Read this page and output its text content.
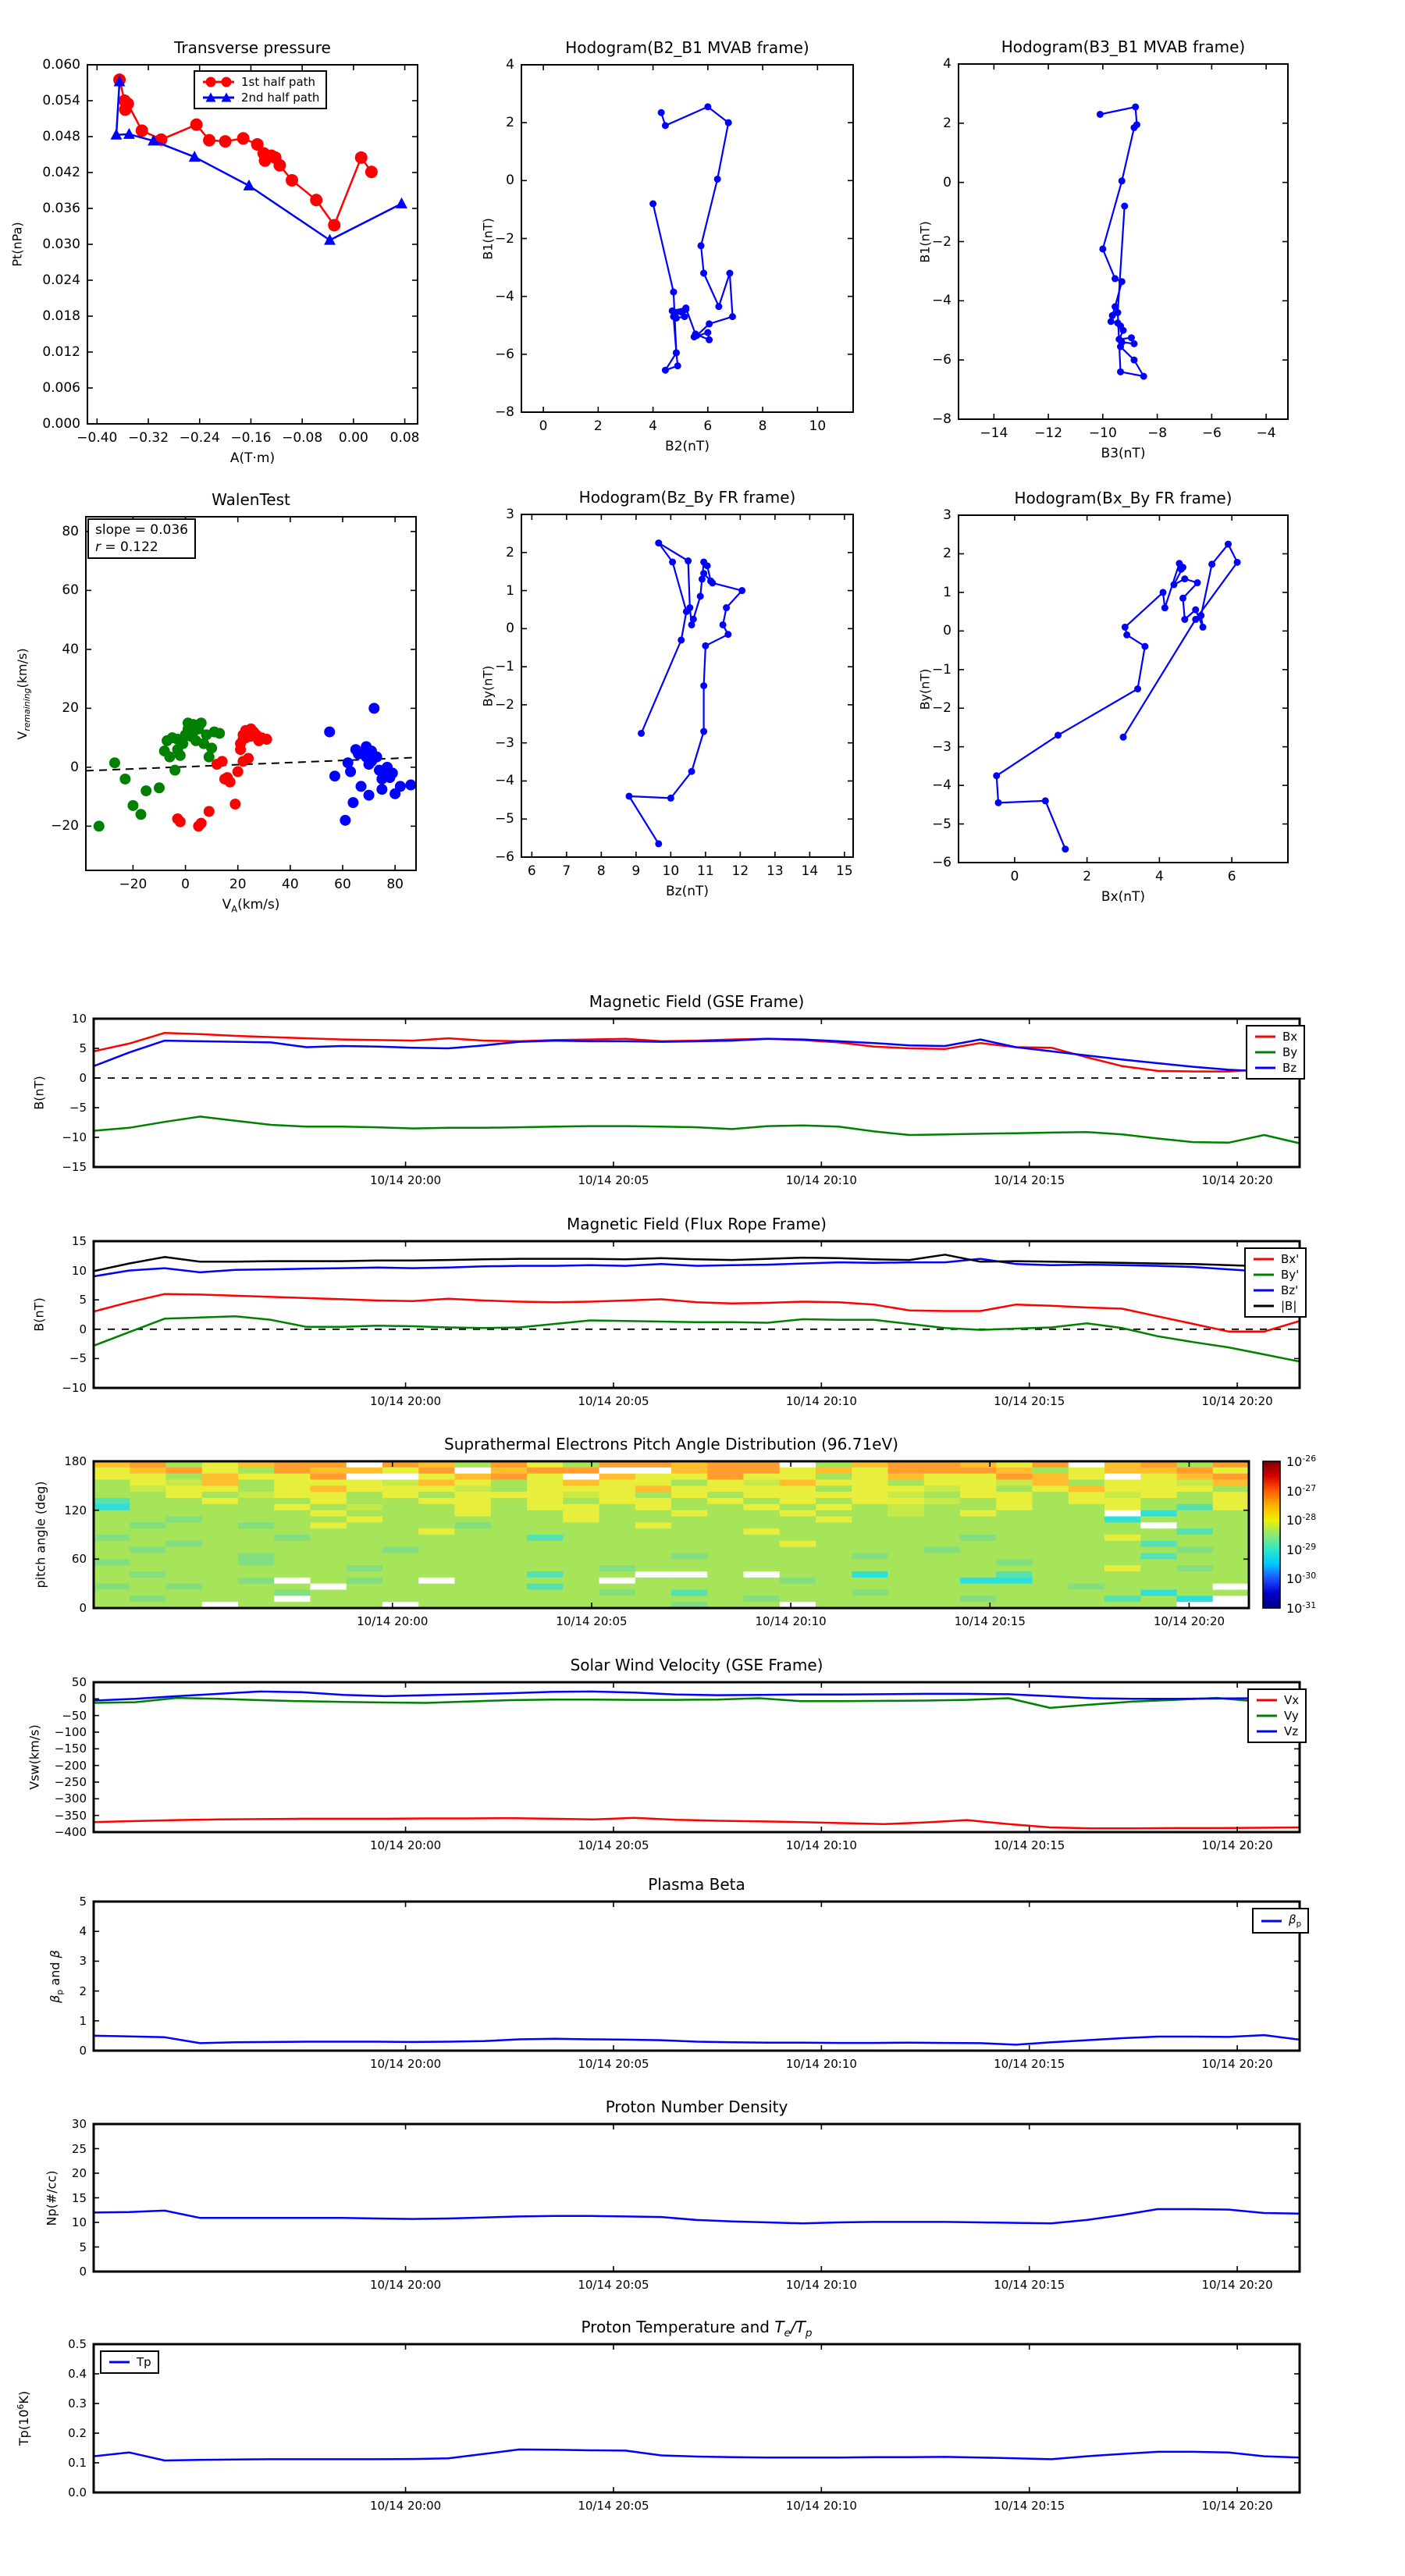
Transverse pressure
Pt(nPa)
A(T·m)
Hodogram(B2_B1 MVAB frame)
B1(nT)
B2(nT)
Hodogram(B3_B1 MVAB frame)
B1(nT)
B3(nT)
WalenTest
$V_{remaining}(km/s)$
$V_A(km/s)$
Hodogram(Bz_By FR frame)
By(nT)
Bz(nT)
Hodogram(Bx_By FR frame)
By(nT)
Bx(nT)
Magnetic Field (GSE Frame)
B(nT)
Magnetic Field (Flux Rope Frame)
B(nT)
Suprathermal Electrons Pitch Angle Distribution (96.71eV)
pitch angle (deg)
Solar Wind Velocity (GSE Frame)
Vsw(km/s)
Plasma Beta
$\beta_p$ and β
Proton Number Density
Np(#/cc)
Proton Temperature and $T_e/T_p$
$Tp(10^6K)$
−0.40 −0.32 −0.24 −0.16 −0.08 0.00 0.08
0.000
0.006
0.012
0.018
0.024
0.030
0.036
0.042
0.048
0.054
0.060
1st half path
2nd half path
0	2	4	6	8	10
−8
−6
−4
−2
0
2
4
−14 −12 −10 −8	−6	−4
−8
−6
−4
−2
0
2
4
−20	0	20	40	60	80
−20
0
20
40
60
80	slope = 0.036
r = 0.122
6 7 8 9 10 11 12 13 14 15
−6
−5
−4
−3
−2
−1
0
1
2
3
0	2	4	6
−6
−5
−4
−3
−2
−1
0
1
2
3
10/14 20:00	10/14 20:05	10/14 20:10	10/14 20:15	10/14 20:20
−15
−10
−5
0
5
10
Bx
By
Bz
10/14 20:00	10/14 20:05	10/14 20:10	10/14 20:15	10/14 20:20
−10
−5
0
5
10
15
Bx'
By'
Bz'
|B|
10/14 20:00	10/14 20:05	10/14 20:10	10/14 20:15	10/14 20:20
0
60
120
180	$10^{-26}$
$10^{-27}$
$10^{-28}$
$10^{-29}$
$10^{-30}$
$10^{-31}$
10/14 20:00	10/14 20:05	10/14 20:10	10/14 20:15	10/14 20:20
−400
−350
−300
−250
−200
−150
−100
−50
0
50
Vx
Vy
Vz
10/14 20:00	10/14 20:05	10/14 20:10	10/14 20:15	10/14 20:20
0
1
2
3
4
5
$\beta_p$
10/14 20:00	10/14 20:05	10/14 20:10	10/14 20:15	10/14 20:20
0
5
10
15
20
25
30
10/14 20:00	10/14 20:05	10/14 20:10	10/14 20:15	10/14 20:20
0.0
0.1
0.2
0.3
0.4
0.5
Tp
